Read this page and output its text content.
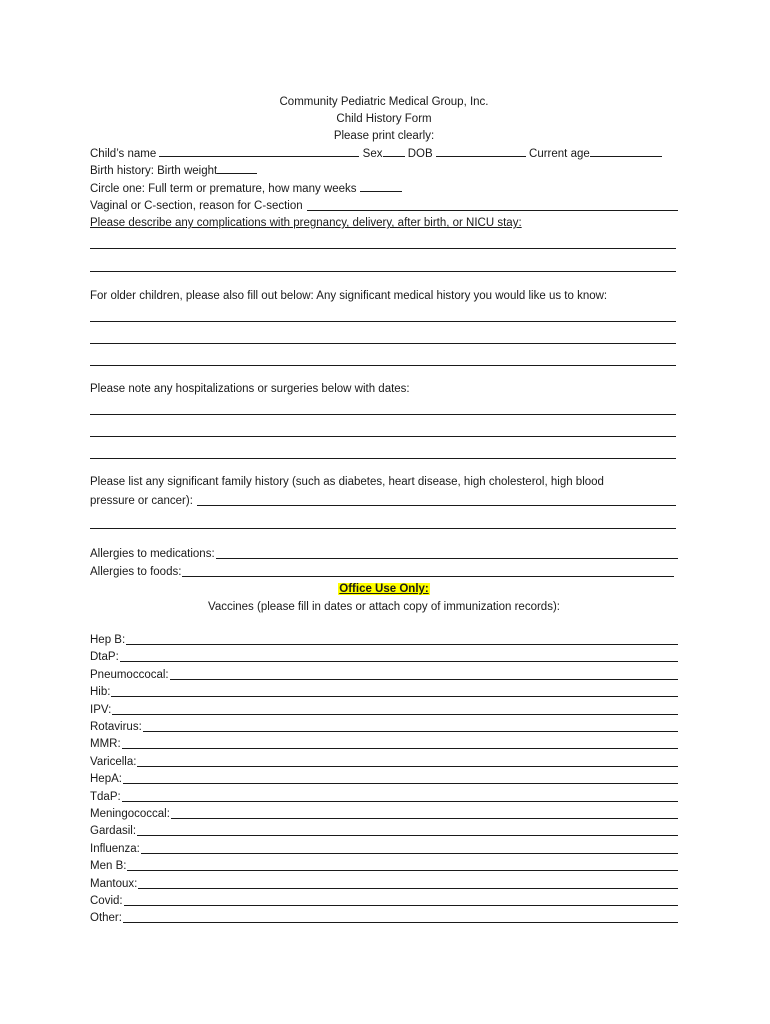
Community Pediatric Medical Group, Inc.
Child History Form
Please print clearly:
Child’s name	Sex DOB	Current age
Birth history: Birth weight
Circle one: Full term or premature, how many weeks
Vaginal or C-section, reason for C-section
Please describe any complications with pregnancy, delivery, after birth, or NICU stay:
For older children, please also fill out below: Any significant medical history you would like us to know:
Please note any hospitalizations or surgeries below with dates:
Please list any significant family history (such as diabetes, heart disease, high cholesterol, high blood
pressure or cancer):
Allergies to medications:
Allergies to foods:
Office Use Only:
Vaccines (please fill in dates or attach copy of immunization records):
Hep B:
DtaP:
Pneumoccocal:
Hib:
IPV:
Rotavirus:
MMR:
Varicella:
HepA:
TdaP:
Meningococcal:
Gardasil:
Influenza:
Men B:
Mantoux:
Covid:
Other:
